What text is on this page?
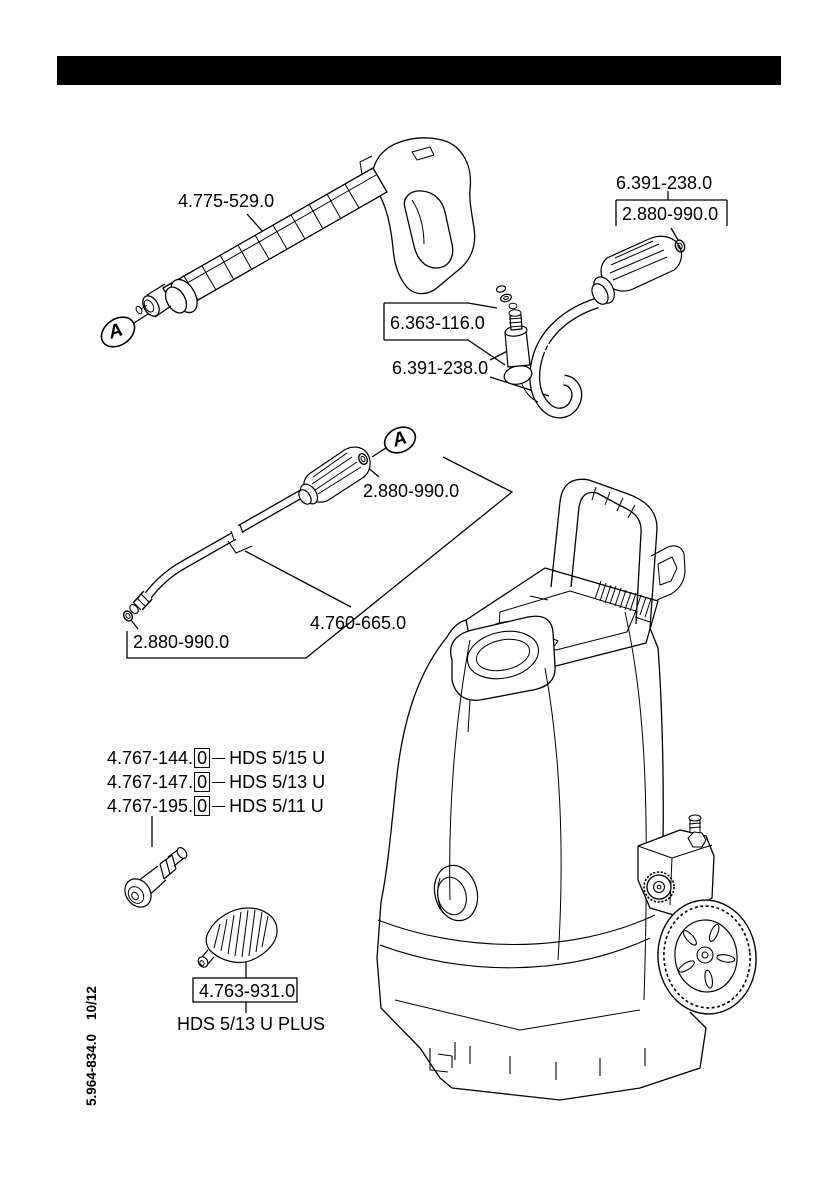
4.775-529.0
6.391-238.0
2.880-990.0
6.363-116.0
6.391-238.0
2.880-990.0
4.760-665.0
2.880-990.0
4.763-931.0
HDS 5/13 U PLUS
A
A
4.767-144. 0 HDS 5/15 U
4.767-147. 0 HDS 5/13 U
4.767-195. 0 HDS 5/11 U
5.964-834.0
10/12
